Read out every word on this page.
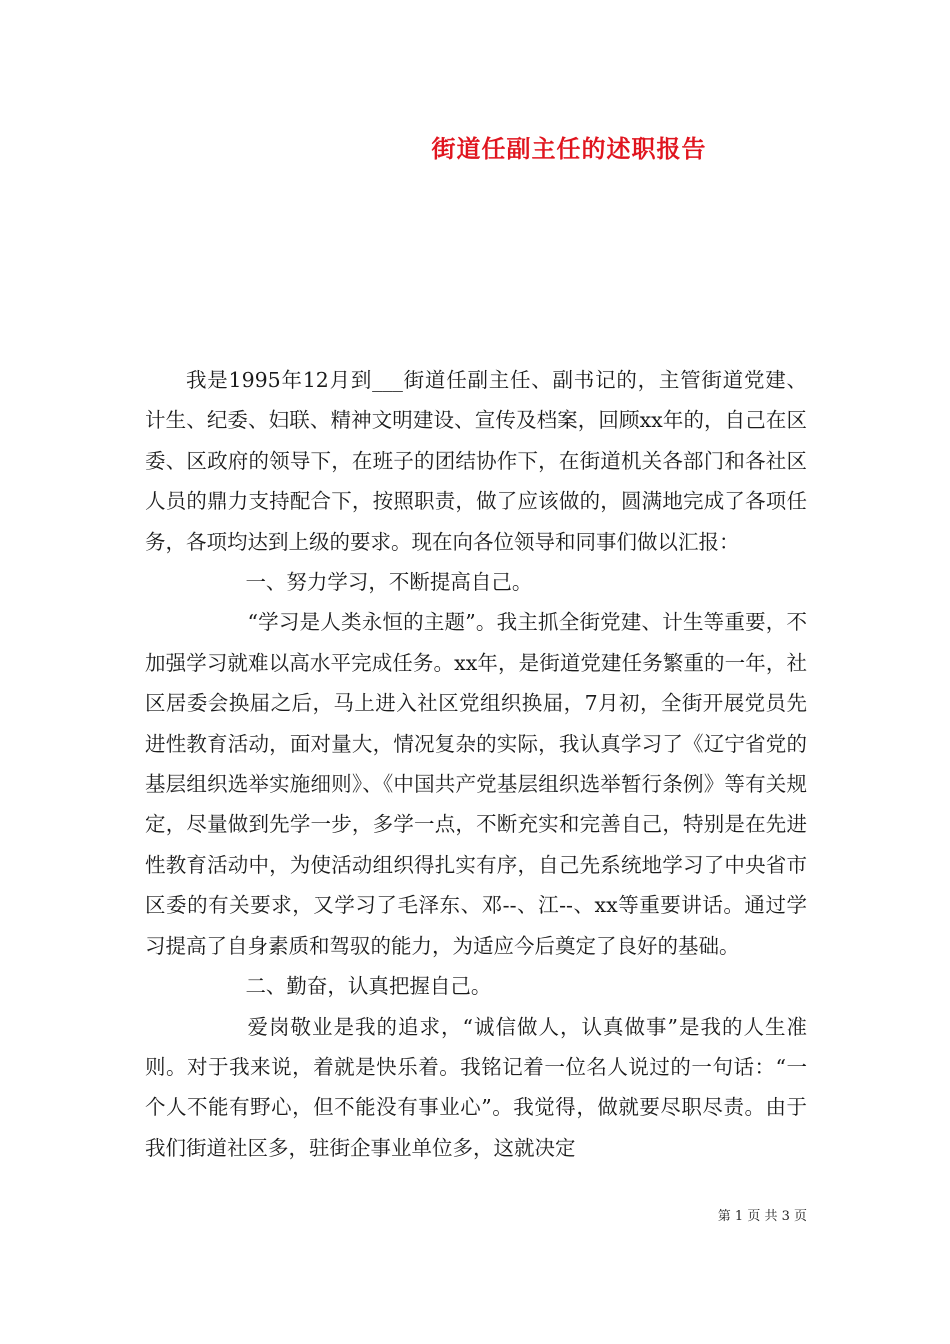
街道任副主任的述职报告

我是1995年12月到___街道任副主任、副书记的，主管街道党建、计生、纪委、妇联、精神文明建设、宣传及档案，回顾xx年的，自己在区委、区政府的领导下，在班子的团结协作下，在街道机关各部门和各社区人员的鼎力支持配合下，按照职责，做了应该做的，圆满地完成了各项任务，各项均达到上级的要求。现在向各位领导和同事们做以汇报：

一、努力学习，不断提高自己。

“学习是人类永恒的主题”。我主抓全街党建、计生等重要，不加强学习就难以高水平完成任务。xx年，是街道党建任务繁重的一年，社区居委会换届之后，马上进入社区党组织换届，7月初，全街开展党员先进性教育活动，面对量大，情况复杂的实际，我认真学习了《辽宁省党的基层组织选举实施细则》、《中国共产党基层组织选举暂行条例》等有关规定，尽量做到先学一步，多学一点，不断充实和完善自己，特别是在先进性教育活动中，为使活动组织得扎实有序，自己先系统地学习了中央省市区委的有关要求，又学习了毛泽东、邓--、江--、xx等重要讲话。通过学习提高了自身素质和驾驭的能力，为适应今后奠定了良好的基础。

二、勤奋，认真把握自己。

爱岗敬业是我的追求，“诚信做人，认真做事”是我的人生准则。对于我来说，着就是快乐着。我铭记着一位名人说过的一句话：“一个人不能有野心，但不能没有事业心”。我觉得，做就要尽职尽责。由于我们街道社区多，驻街企事业单位多，这就决定

第 1 页 共 3 页
